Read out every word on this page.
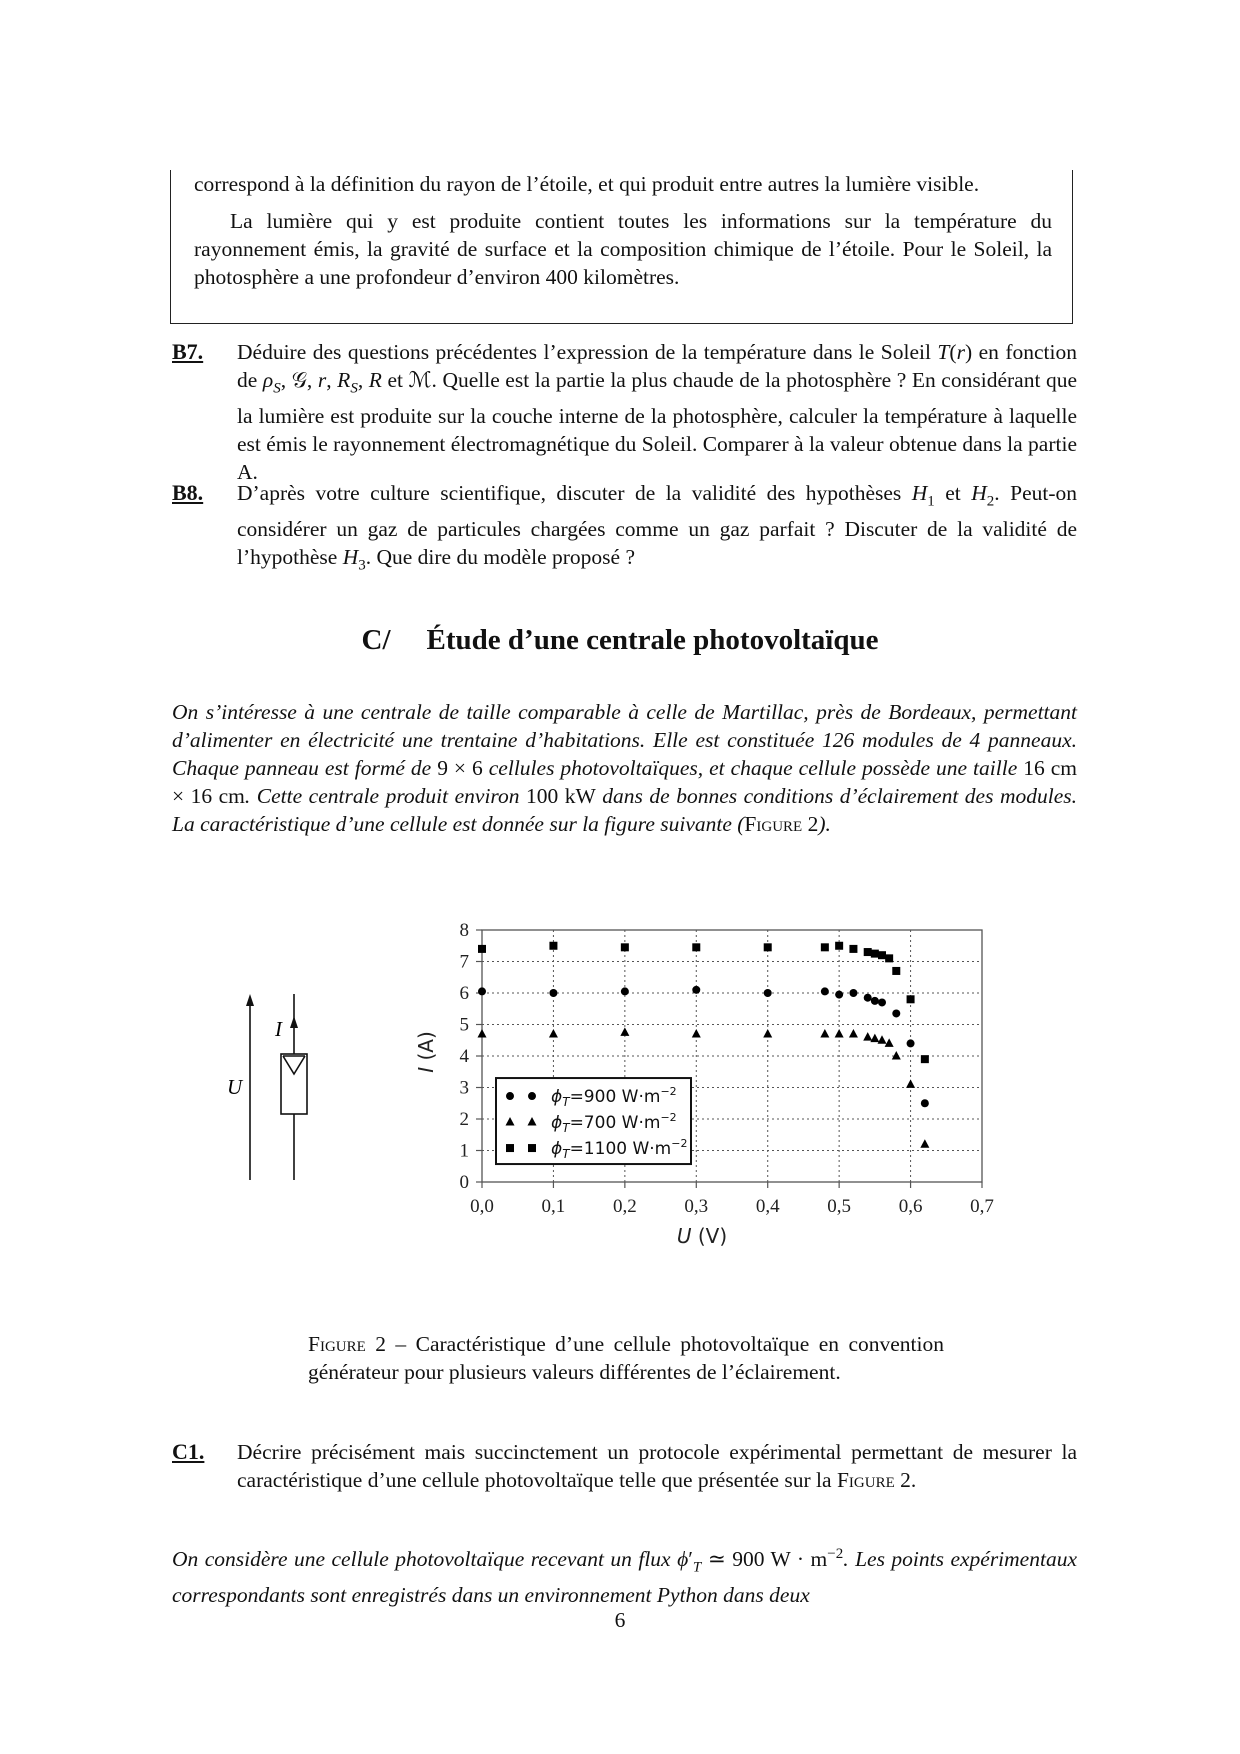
correspond à la définition du rayon de l’étoile, et qui produit entre autres la lumière visible.

La lumière qui y est produite contient toutes les informations sur la température du rayonnement émis, la gravité de surface et la composition chimique de l’étoile. Pour le Soleil, la photosphère a une profondeur d’environ 400 kilomètres.

B7. Déduire des questions précédentes l’expression de la température dans le Soleil T(r) en fonction de $\rho_S$, 𝒢, r, $R_S$, R et ℳ. Quelle est la partie la plus chaude de la photosphère ? En considérant que la lumière est produite sur la couche interne de la photosphère, calculer la température à laquelle est émis le rayonnement électromagnétique du Soleil. Comparer à la valeur obtenue dans la partie A.
B8. D’après votre culture scientifique, discuter de la validité des hypothèses $H_1$ et $H_2$. Peut-on considérer un gaz de particules chargées comme un gaz parfait ? Discuter de la validité de l’hypothèse $H_3$. Que dire du modèle proposé ?
C/ Étude d’une centrale photovoltaïque
On s’intéresse à une centrale de taille comparable à celle de Martillac, près de Bordeaux, permettant d’alimenter en électricité une trentaine d’habitations. Elle est constituée 126 modules de 4 panneaux. Chaque panneau est formé de 9 × 6 cellules photovoltaïques, et chaque cellule possède une taille 16 cm × 16 cm. Cette centrale produit environ 100 kW dans de bonnes conditions d’éclairement des modules. La caractéristique d’une cellule est donnée sur la figure suivante (Figure 2).
U
I
0,0	0,1	0,2	0,3	0,4	0,5	0,6	0,7
0
1
2
3
4
5
6
7
8
U (V)
I (A)
$\phi_T=900$ $W\cdot m^{-2}$
$\phi_T=700$ $W\cdot m^{-2}$
$\phi_T=1100$ $W\cdot m^{-2}$
Figure 2 – Caractéristique d’une cellule photovoltaïque en convention générateur pour plusieurs valeurs différentes de l’éclairement.
C1. Décrire précisément mais succinctement un protocole expérimental permettant de mesurer la caractéristique d’une cellule photovoltaïque telle que présentée sur la Figure 2.
On considère une cellule photovoltaïque recevant un flux $\phi'_T$ ≃ 900 $W \cdot m^{-2}$. Les points expérimentaux correspondants sont enregistrés dans un environnement Python dans deux
6
